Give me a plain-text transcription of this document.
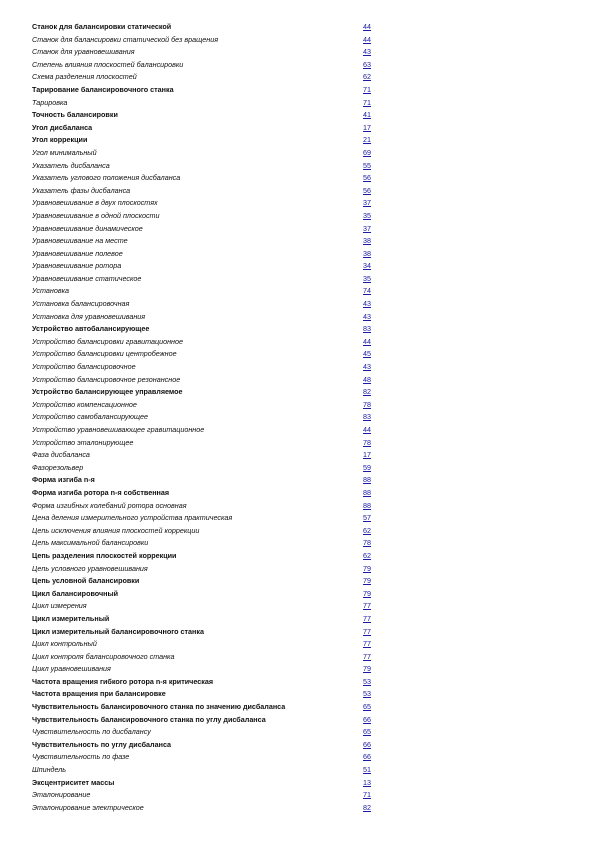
Станок для балансировки статической	44
Станок для балансировки статической без вращения	44
Станок для уравновешивания	43
Степень влияния плоскостей балансировки	63
Схема разделения плоскостей	62
Тарирование балансировочного станка	71
Тарировка	71
Точность балансировки	41
Угол дисбаланса	17
Угол коррекции	21
Угол минимальный	69
Указатель дисбаланса	55
Указатель углового положения дисбаланса	56
Указатель фазы дисбаланса	56
Уравновешивание в двух плоскостях	37
Уравновешивание в одной плоскости	35
Уравновешивание динамическое	37
Уравновешивание на месте	38
Уравновешивание полевое	38
Уравновешивание ротора	34
Уравновешивание статическое	35
Установка	74
Установка балансировочная	43
Установка для уравновешивания	43
Устройство автобалансирующее	83
Устройство балансировки гравитационное	44
Устройство балансировки центробежное	45
Устройство балансировочное	43
Устройство балансировочное резонансное	48
Устройство балансирующее управляемое	82
Устройство компенсационное	78
Устройство самобалансирующее	83
Устройство уравновешивающее гравитационное	44
Устройство эталонирующее	78
Фаза дисбаланса	17
Фазорезольвер	59
Форма изгиба n-я	88
Форма изгиба ротора n-я собственная	88
Форма изгибных колебаний ротора основная	88
Цена деления измерительного устройства практическая	57
Цепь исключения влияния плоскостей коррекции	62
Цепь максимальной балансировки	78
Цепь разделения плоскостей коррекции	62
Цепь условного уравновешивания	79
Цепь условной балансировки	79
Цикл балансировочный	79
Цикл измерения	77
Цикл измерительный	77
Цикл измерительный балансировочного станка	77
Цикл контрольный	77
Цикл контроля балансировочного станка	77
Цикл уравновешивания	79
Частота вращения гибкого ротора n-я критическая	53
Частота вращения при балансировке	53
Чувствительность балансировочного станка по значению дисбаланса	65
Чувствительность балансировочного станка по углу дисбаланса	66
Чувствительность по дисбалансу	65
Чувствительность по углу дисбаланса	66
Чувствительность по фазе	66
Шпиндель	51
Эксцентриситет массы	13
Эталонирование	71
Эталонирование электрическое	82
